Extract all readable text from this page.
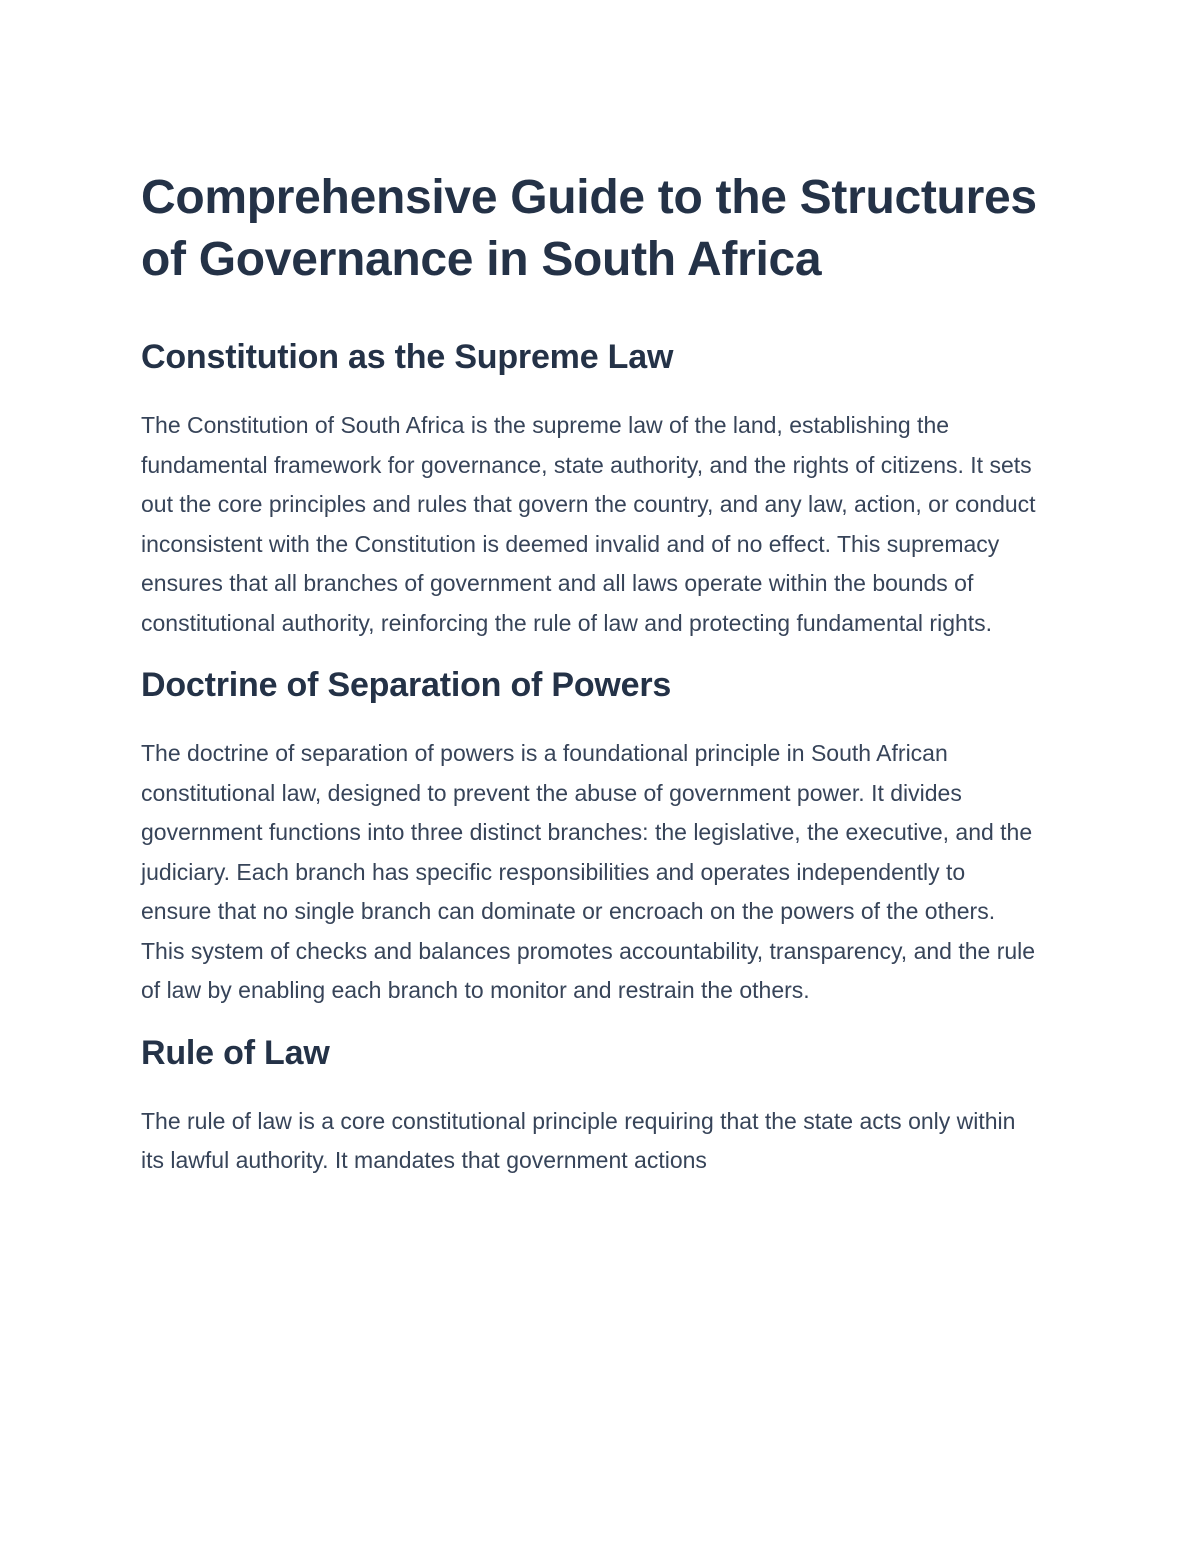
Comprehensive Guide to the Structures of Governance in South Africa
Constitution as the Supreme Law

The Constitution of South Africa is the supreme law of the land, establishing the fundamental framework for governance, state authority, and the rights of citizens. It sets out the core principles and rules that govern the country, and any law, action, or conduct inconsistent with the Constitution is deemed invalid and of no effect. This supremacy ensures that all branches of government and all laws operate within the bounds of constitutional authority, reinforcing the rule of law and protecting fundamental rights.

Doctrine of Separation of Powers

The doctrine of separation of powers is a foundational principle in South African constitutional law, designed to prevent the abuse of government power. It divides government functions into three distinct branches: the legislative, the executive, and the judiciary. Each branch has specific responsibilities and operates independently to ensure that no single branch can dominate or encroach on the powers of the others. This system of checks and balances promotes accountability, transparency, and the rule of law by enabling each branch to monitor and restrain the others.

Rule of Law

The rule of law is a core constitutional principle requiring that the state acts only within its lawful authority. It mandates that government actions
